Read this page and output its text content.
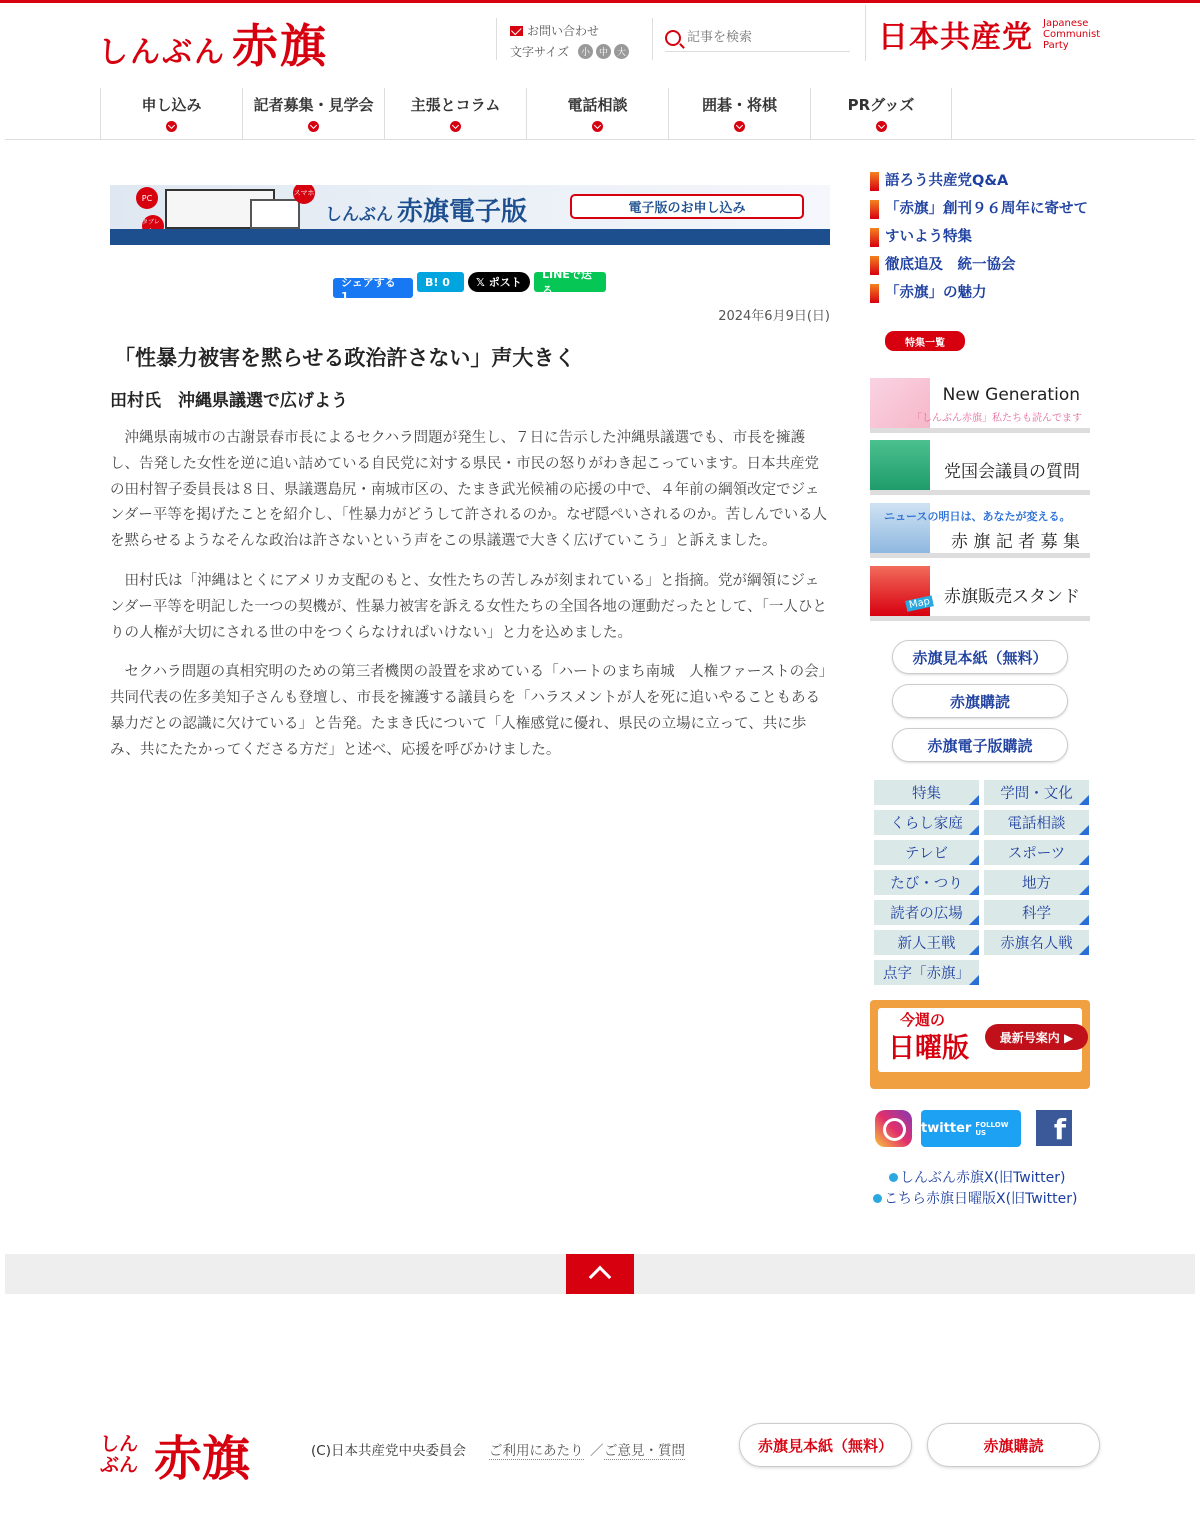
しんぶん 赤旗	お問い合わせ
文字サイズ	小 中 大
記事を検索	日本共産党 Japanese
Communist
Party
申し込み	記者募集・見学会	主張とコラム	電話相談	囲碁・将棋	PRグッズ
PC
タブレット
スマホ
しんぶん 赤旗電子版	電子版のお申し込み
Akahata digital edition	日刊紙が全ページ読める	過去1年分の検索ができる
シェアする 1
B! 0	𝕏 ポスト
LINEで送る
2024年6月9日(日)
「性暴力被害を黙らせる政治許さない」声大きく
田村氏　沖縄県議選で広げよう

沖縄県南城市の古謝景春市長によるセクハラ問題が発生し、７日に告示した沖縄県議選でも、市長を擁護し、告発した女性を逆に追い詰めている自民党に対する県民・市民の怒りがわき起こっています。日本共産党の田村智子委員長は８日、県議選島尻・南城市区の、たまき武光候補の応援の中で、４年前の綱領改定でジェンダー平等を掲げたことを紹介し、「性暴力がどうして許されるのか。なぜ隠ぺいされるのか。苦しんでいる人を黙らせるようなそんな政治は許さないという声をこの県議選で大きく広げていこう」と訴えました。

田村氏は「沖縄はとくにアメリカ支配のもと、女性たちの苦しみが刻まれている」と指摘。党が綱領にジェンダー平等を明記した一つの契機が、性暴力被害を訴える女性たちの全国各地の運動だったとして、「一人ひとりの人権が大切にされる世の中をつくらなければいけない」と力を込めました。

セクハラ問題の真相究明のための第三者機関の設置を求めている「ハートのまち南城　人権ファーストの会」共同代表の佐多美知子さんも登壇し、市長を擁護する議員らを「ハラスメントが人を死に追いやることもある暴力だとの認識に欠けている」と告発。たまき氏について「人権感覚に優れ、県民の立場に立って、共に歩み、共にたたかってくださる方だ」と述べ、応援を呼びかけました。

語ろう共産党Q&A
「赤旗」創刊９６周年に寄せて
すいよう特集
徹底追及　統一協会
「赤旗」の魅力
特集一覧
New Generation
「しんぶん赤旗」私たちも読んでます
党国会議員の質問
ニュースの明日は、あなたが変える。
赤 旗 記 者 募 集
Map 赤旗販売スタンド
赤旗見本紙（無料）
赤旗購読
赤旗電子版購読
特集	学問・文化
くらし家庭	電話相談
テレビ	スポーツ
たび・つり	地方
読者の広場	科学
新人王戦	赤旗名人戦
点字「赤旗」
今週の
日曜版	最新号案内 ▶
twitter FOLLOW US	f
しんぶん赤旗X(旧Twitter)
こちら赤旗日曜版X(旧Twitter)
しんぶん 赤旗	(C)日本共産党中央委員会 ご利用にあたり ／ ご意見・質問	赤旗見本紙（無料）	赤旗購読
